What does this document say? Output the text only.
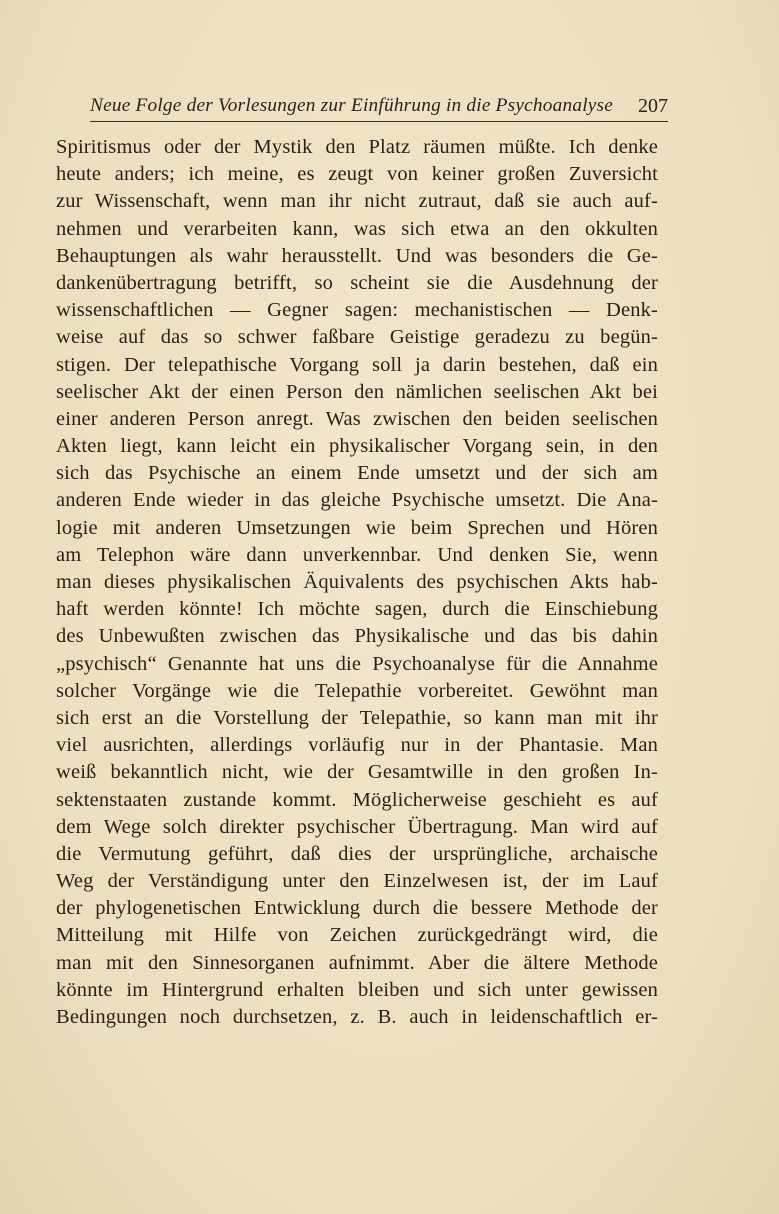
Neue Folge der Vorlesungen zur Einführung in die Psychoanalyse 207
Spiritismus oder der Mystik den Platz räumen müßte. Ich denke
heute anders; ich meine, es zeugt von keiner großen Zuversicht
zur Wissenschaft, wenn man ihr nicht zutraut, daß sie auch auf-
nehmen und verarbeiten kann, was sich etwa an den okkulten
Behauptungen als wahr herausstellt. Und was besonders die Ge-
dankenübertragung betrifft, so scheint sie die Ausdehnung der
wissenschaftlichen — Gegner sagen: mechanistischen — Denk-
weise auf das so schwer faßbare Geistige geradezu zu begün-
stigen. Der telepathische Vorgang soll ja darin bestehen, daß ein
seelischer Akt der einen Person den nämlichen seelischen Akt bei
einer anderen Person anregt. Was zwischen den beiden seelischen
Akten liegt, kann leicht ein physikalischer Vorgang sein, in den
sich das Psychische an einem Ende umsetzt und der sich am
anderen Ende wieder in das gleiche Psychische umsetzt. Die Ana-
logie mit anderen Umsetzungen wie beim Sprechen und Hören
am Telephon wäre dann unverkennbar. Und denken Sie, wenn
man dieses physikalischen Äquivalents des psychischen Akts hab-
haft werden könnte! Ich möchte sagen, durch die Einschiebung
des Unbewußten zwischen das Physikalische und das bis dahin
„psychisch“ Genannte hat uns die Psychoanalyse für die Annahme
solcher Vorgänge wie die Telepathie vorbereitet. Gewöhnt man
sich erst an die Vorstellung der Telepathie, so kann man mit ihr
viel ausrichten, allerdings vorläufig nur in der Phantasie. Man
weiß bekanntlich nicht, wie der Gesamtwille in den großen In-
sektenstaaten zustande kommt. Möglicherweise geschieht es auf
dem Wege solch direkter psychischer Übertragung. Man wird auf
die Vermutung geführt, daß dies der ursprüngliche, archaische
Weg der Verständigung unter den Einzelwesen ist, der im Lauf
der phylogenetischen Entwicklung durch die bessere Methode der
Mitteilung mit Hilfe von Zeichen zurückgedrängt wird, die
man mit den Sinnesorganen aufnimmt. Aber die ältere Methode
könnte im Hintergrund erhalten bleiben und sich unter gewissen
Bedingungen noch durchsetzen, z. B. auch in leidenschaftlich er-
